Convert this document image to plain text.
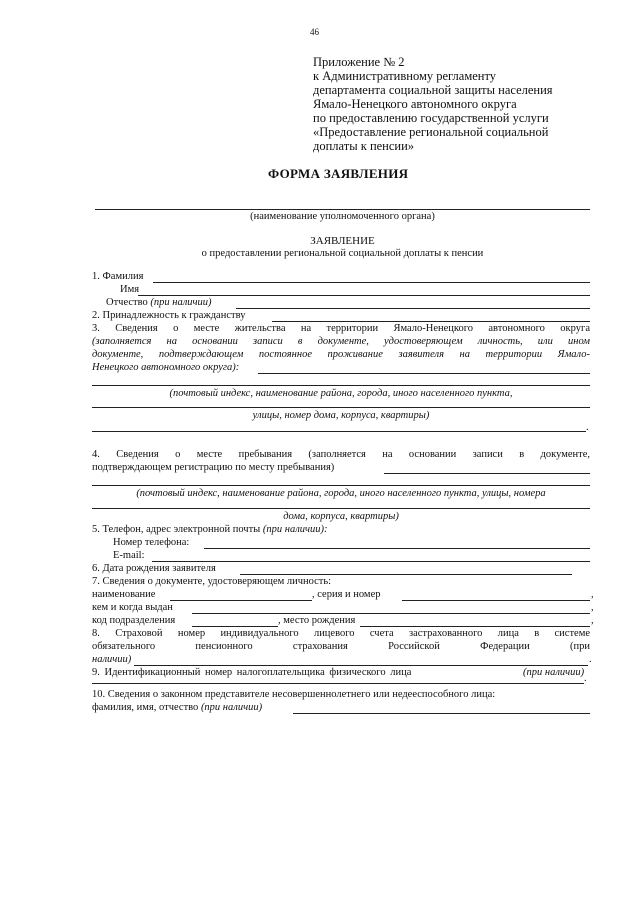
46
Приложение № 2
к Административному регламенту
департамента социальной защиты населения
Ямало-Ненецкого автономного округа
по предоставлению государственной услуги
«Предоставление региональной социальной
доплаты к пенсии»
ФОРМА ЗАЯВЛЕНИЯ
(наименование уполномоченного органа)
ЗАЯВЛЕНИЕ
о предоставлении региональной социальной доплаты к пенсии
1. Фамилия
Имя
Отчество (при наличии)
2. Принадлежность к гражданству
3. Сведения о месте жительства на территории Ямало-Ненецкого автономного округа
(заполняется на основании записи в документе, удостоверяющем личность, или ином
документе, подтверждающем постоянное проживание заявителя на территории Ямало-
Ненецкого автономного округа):
(почтовый индекс, наименование района, города, иного населенного пункта,
улицы, номер дома, корпуса, квартиры)
.
4. Сведения о месте пребывания (заполняется на основании записи в документе,
подтверждающем регистрацию по месту пребывания)
(почтовый индекс, наименование района, города, иного населенного пункта, улицы, номера
дома, корпуса, квартиры)
5. Телефон, адрес электронной почты (при наличии):
Номер телефона:
E-mail:
6. Дата рождения заявителя
7. Сведения о документе, удостоверяющем личность:
наименование	, серия и номер	,
кем и когда выдан	,
код подразделения	, место рождения	,
8. Страховой номер индивидуального лицевого счета застрахованного лица в системе
обязательного пенсионного страхования Российской Федерации (при
наличии)	.
9. Идентификационный номер налогоплательщика физического лица	(при наличии)
.
10. Сведения о законном представителе несовершеннолетнего или недееспособного лица:
фамилия, имя, отчество (при наличии)
